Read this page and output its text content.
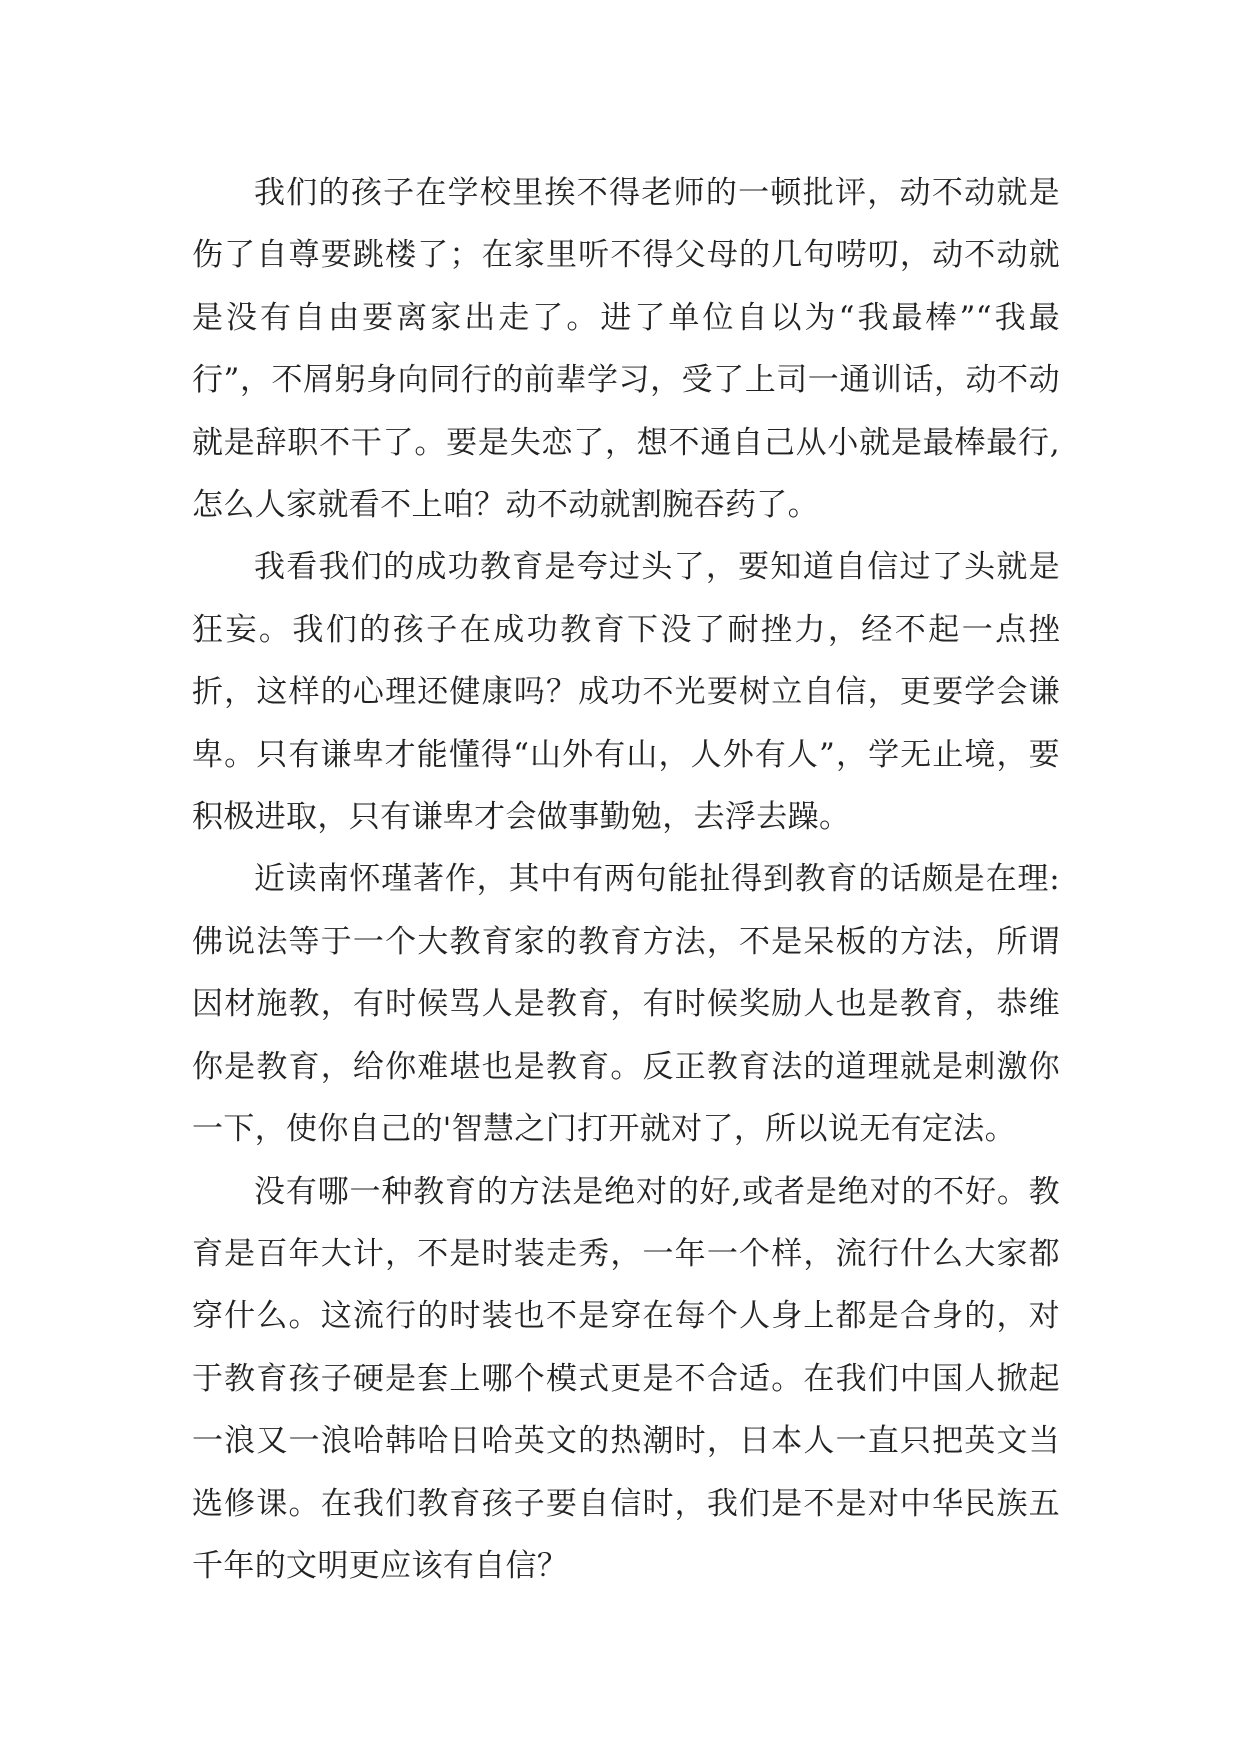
我们的孩子在学校里挨不得老师的一顿批评，动不动就是伤了自尊要跳楼了；在家里听不得父母的几句唠叨，动不动就是没有自由要离家出走了。进了单位自以为“我最棒”“我最行”，不屑躬身向同行的前辈学习，受了上司一通训话，动不动就是辞职不干了。要是失恋了，想不通自己从小就是最棒最行,怎么人家就看不上咱？动不动就割腕吞药了。

我看我们的成功教育是夸过头了，要知道自信过了头就是狂妄。我们的孩子在成功教育下没了耐挫力，经不起一点挫折，这样的心理还健康吗？成功不光要树立自信，更要学会谦卑。只有谦卑才能懂得“山外有山，人外有人”，学无止境，要积极进取，只有谦卑才会做事勤勉，去浮去躁。

近读南怀瑾著作，其中有两句能扯得到教育的话颇是在理:佛说法等于一个大教育家的教育方法，不是呆板的方法，所谓因材施教，有时候骂人是教育，有时候奖励人也是教育，恭维你是教育，给你难堪也是教育。反正教育法的道理就是刺激你一下，使你自己的'智慧之门打开就对了，所以说无有定法。

没有哪一种教育的方法是绝对的好,或者是绝对的不好。教育是百年大计，不是时装走秀，一年一个样，流行什么大家都穿什么。这流行的时装也不是穿在每个人身上都是合身的，对于教育孩子硬是套上哪个模式更是不合适。在我们中国人掀起一浪又一浪哈韩哈日哈英文的热潮时，日本人一直只把英文当选修课。在我们教育孩子要自信时，我们是不是对中华民族五千年的文明更应该有自信？
